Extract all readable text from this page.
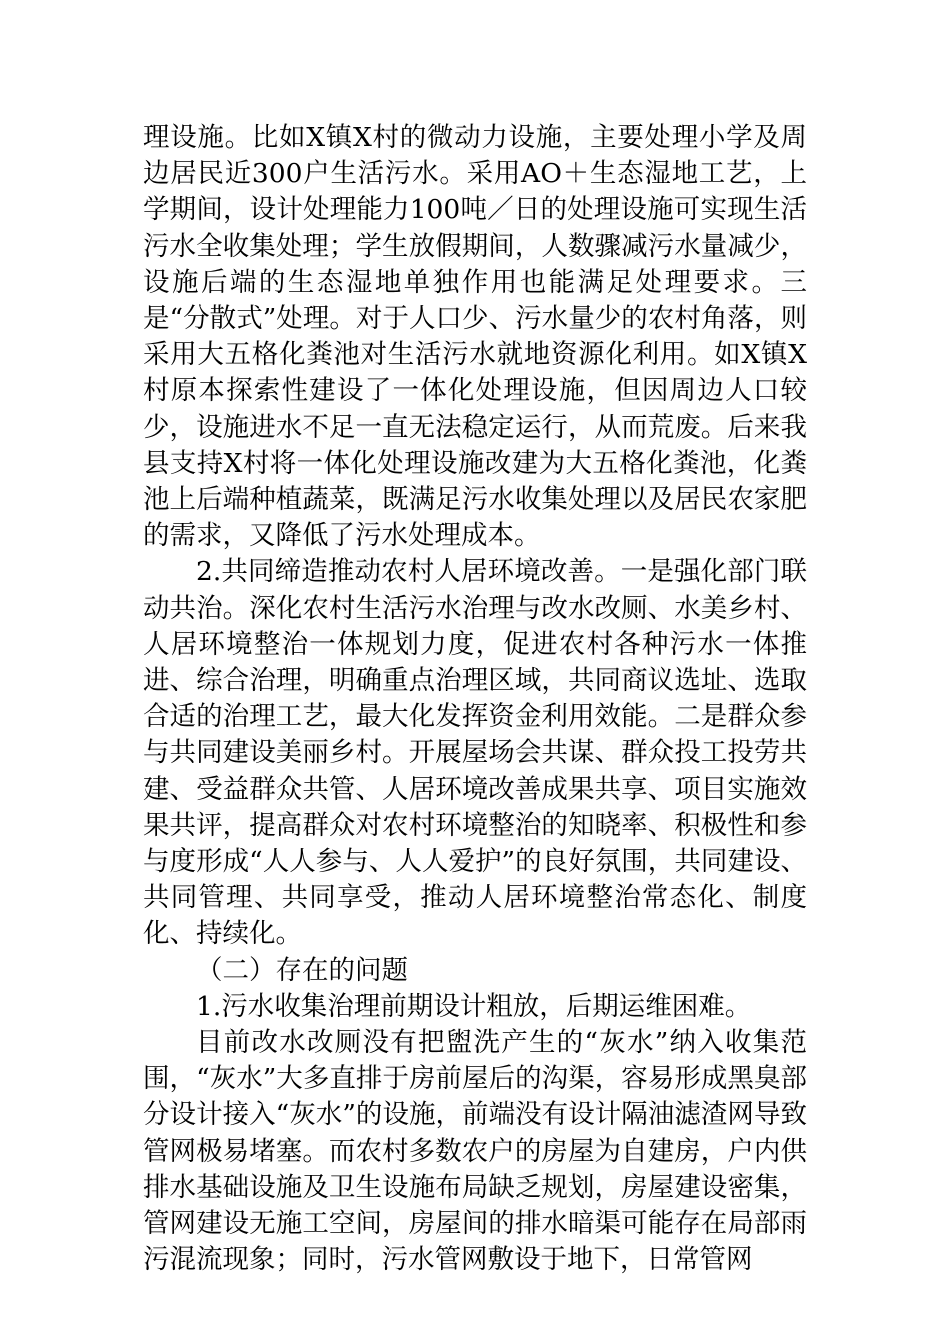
理设施。比如X镇X村的微动力设施，主要处理小学及周边居民近300户生活污水。采用AO＋生态湿地工艺，上学期间，设计处理能力100吨／日的处理设施可实现生活污水全收集处理；学生放假期间，人数骤减污水量减少，设施后端的生态湿地单独作用也能满足处理要求。三是“分散式”处理。对于人口少、污水量少的农村角落，则采用大五格化粪池对生活污水就地资源化利用。如X镇X村原本探索性建设了一体化处理设施，但因周边人口较少，设施进水不足一直无法稳定运行，从而荒废。后来我县支持X村将一体化处理设施改建为大五格化粪池，化粪池上后端种植蔬菜，既满足污水收集处理以及居民农家肥的需求，又降低了污水处理成本。

2.共同缔造推动农村人居环境改善。一是强化部门联动共治。深化农村生活污水治理与改水改厕、水美乡村、人居环境整治一体规划力度，促进农村各种污水一体推进、综合治理，明确重点治理区域，共同商议选址、选取合适的治理工艺，最大化发挥资金利用效能。二是群众参与共同建设美丽乡村。开展屋场会共谋、群众投工投劳共建、受益群众共管、人居环境改善成果共享、项目实施效果共评，提高群众对农村环境整治的知晓率、积极性和参与度形成“人人参与、人人爱护”的良好氛围，共同建设、共同管理、共同享受，推动人居环境整治常态化、制度化、持续化。

（二）存在的问题

1.污水收集治理前期设计粗放，后期运维困难。

目前改水改厕没有把盥洗产生的“灰水”纳入收集范围，“灰水”大多直排于房前屋后的沟渠，容易形成黑臭部分设计接入“灰水”的设施，前端没有设计隔油滤渣网导致管网极易堵塞。而农村多数农户的房屋为自建房，户内供排水基础设施及卫生设施布局缺乏规划，房屋建设密集，管网建设无施工空间，房屋间的排水暗渠可能存在局部雨污混流现象；同时，污水管网敷设于地下，日常管网
